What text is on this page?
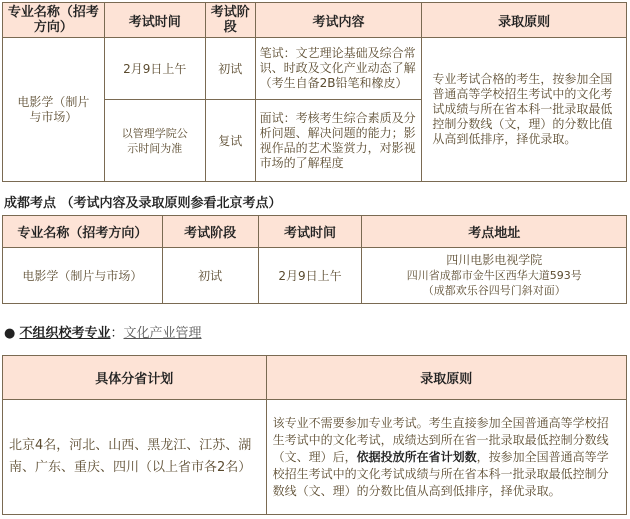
专业名称（招考方向）	考试时间	考试阶段	考试内容	录取原则

电影学（制片与市场）	2月9日上午	初试	笔试：文艺理论基础及综合常识、时政及文化产业动态了解（考生自备2B铅笔和橡皮）	专业考试合格的考生，按参加全国普通高等学校招生考试中的文化考试成绩与所在省本科一批录取最低控制分数线（文，理）的分数比值从高到低排序，择优录取。

	以管理学院公示时间为准	复试	面试：考核考生综合素质及分析问题、解决问题的能力；影视作品的艺术鉴赏力，对影视市场的了解程度	
成都考点 （考试内容及录取原则参看北京考点）
专业名称（招考方向）	考试阶段	考试时间	考点地址
电影学（制片与市场）	初试	2月9日上午	四川电影电视学院
四川省成都市金牛区西华大道593号
（成都欢乐谷四号门斜对面）
● 不组织校考专业：文化产业管理
具体分省计划	录取原则

北京4名，河北、山西、黑龙江、江苏、湖南、广东、重庆、四川（以上省市各2名）	该专业不需要参加专业考试。考生直接参加全国普通高等学校招生考试中的文化考试，成绩达到所在省一批录取最低控制分数线（文、理）后，依据投放所在省计划数，按参加全国普通高等学校招生考试中的文化考试成绩与所在省本科一批录取最低控制分数线（文、理）的分数比值从高到低排序，择优录取。
